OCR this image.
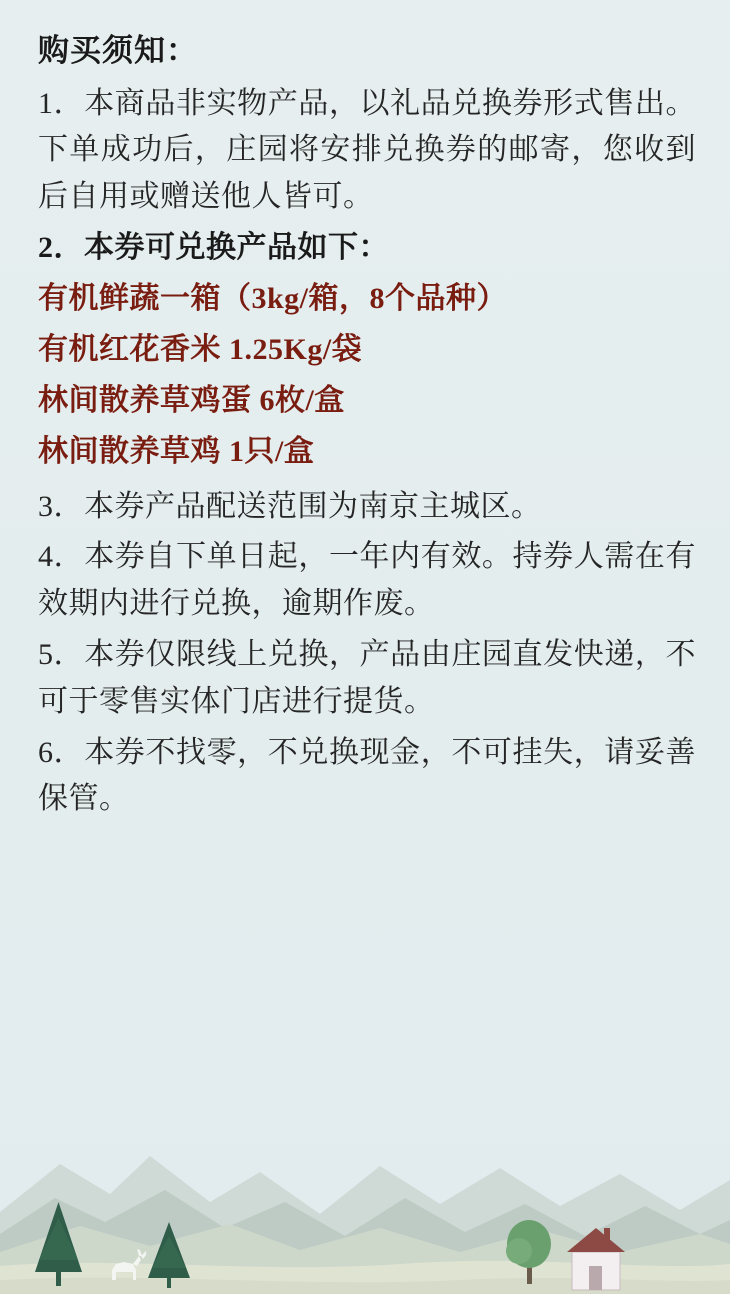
购买须知：

1．本商品非实物产品，以礼品兑换券形式售出。下单成功后，庄园将安排兑换券的邮寄，您收到后自用或赠送他人皆可。

2．本券可兑换产品如下：

有机鲜蔬一箱（3kg/箱，8个品种）

有机红花香米 1.25Kg/袋

林间散养草鸡蛋 6枚/盒

林间散养草鸡 1只/盒

3．本券产品配送范围为南京主城区。

4．本券自下单日起，一年内有效。持券人需在有效期内进行兑换，逾期作废。

5．本券仅限线上兑换，产品由庄园直发快递，不可于零售实体门店进行提货。

6．本券不找零，不兑换现金，不可挂失，请妥善保管。
